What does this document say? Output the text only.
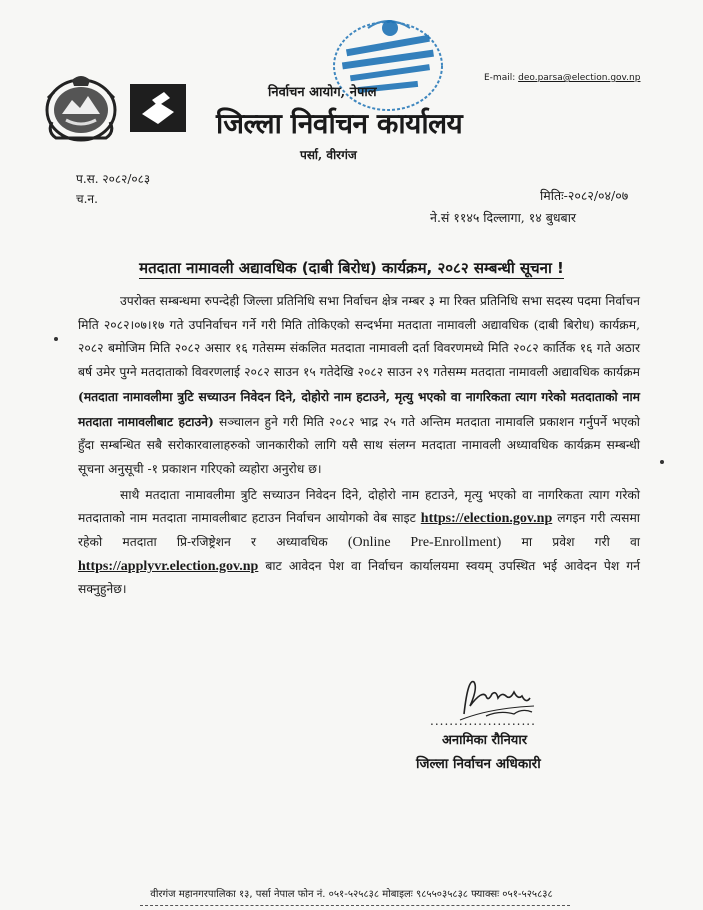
E-mail: deo.parsa@election.gov.np
निर्वाचन आयोग, नेपाल
जिल्ला निर्वाचन कार्यालय
पर्सा, वीरगंज
प.स. २०८२/०८३
च.न.	मितिः-२०८२/०४/०७
ने.सं ११४५ दिल्लागा, १४ बुधबार
मतदाता नामावली अद्यावधिक (दाबी बिरोध) कार्यक्रम, २०८२ सम्बन्धी सूचना !

उपरोक्त सम्बन्धमा रुपन्देही जिल्ला प्रतिनिधि सभा निर्वाचन क्षेत्र नम्बर ३ मा रिक्त प्रतिनिधि सभा सदस्य पदमा निर्वाचन मिति २०८२।०७।१७ गते उपनिर्वाचन गर्ने गरी मिति तोकिएको सन्दर्भमा मतदाता नामावली अद्यावधिक (दाबी बिरोध) कार्यक्रम, २०८२ बमोजिम मिति २०८२ असार १६ गतेसम्म संकलित मतदाता नामावली दर्ता विवरणमध्ये मिति २०८२ कार्तिक १६ गते अठार बर्ष उमेर पुग्ने मतदाताको विवरणलाई २०८२ साउन १५ गतेदेखि २०८२ साउन २९ गतेसम्म मतदाता नामावली अद्यावधिक कार्यक्रम (मतदाता नामावलीमा त्रुटि सच्याउन निवेदन दिने, दोहोरो नाम हटाउने, मृत्यु भएको वा नागरिकता त्याग गरेको मतदाताको नाम मतदाता नामावलीबाट हटाउने) सञ्चालन हुने गरी मिति २०८२ भाद्र २५ गते अन्तिम मतदाता नामावलि प्रकाशन गर्नुपर्ने भएको हुँदा सम्बन्धित सबै सरोकारवालाहरुको जानकारीको लागि यसै साथ संलग्न मतदाता नामावली अध्यावधिक कार्यक्रम सम्बन्धी सूचना अनुसूची -१ प्रकाशन गरिएको व्यहोरा अनुरोध छ।

साथै मतदाता नामावलीमा त्रुटि सच्याउन निवेदन दिने, दोहोरो नाम हटाउने, मृत्यु भएको वा नागरिकता त्याग गरेको मतदाताको नाम मतदाता नामावलीबाट हटाउन निर्वाचन आयोगको वेब साइट https://election.gov.np लगइन गरी त्यसमा रहेको मतदाता प्रि-रजिष्ट्रेशन र अध्यावधिक (Online Pre-Enrollment) मा प्रवेश गरी वा https://applyvr.election.gov.np बाट आवेदन पेश वा निर्वाचन कार्यालयमा स्वयम् उपस्थित भई आवेदन पेश गर्न सक्नुहुनेछ।

......................
अनामिका रौनियार
जिल्ला निर्वाचन अधिकारी
वीरगंज महानगरपालिका १३, पर्सा नेपाल फोन नं. ०५१-५२५८३८ मोबाइलः ९८५५०३५८३८ फ्याक्सः ०५१-५२५८३८
